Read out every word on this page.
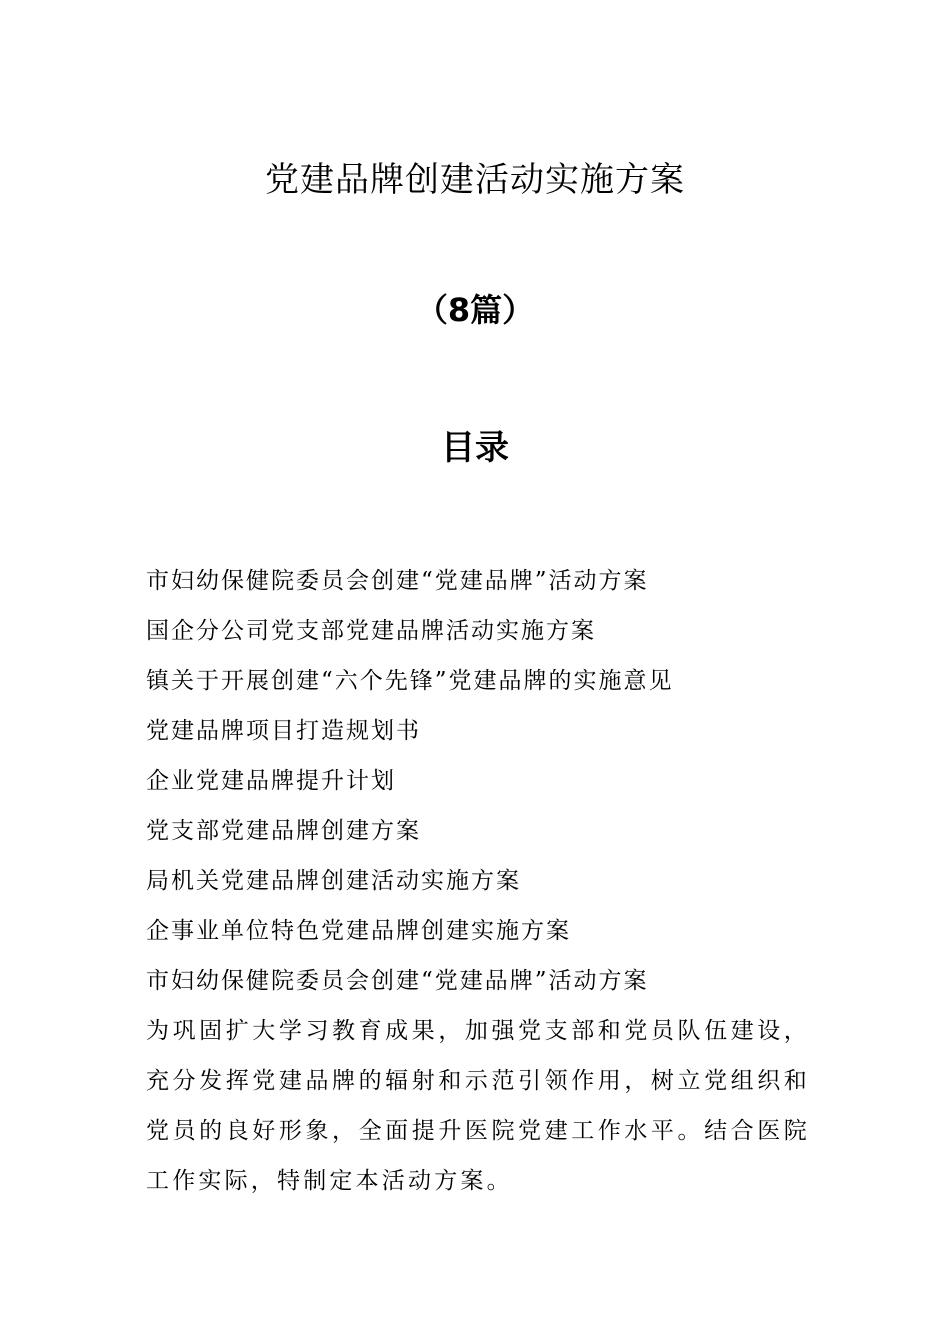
党建品牌创建活动实施方案
（8篇）
目录
市妇幼保健院委员会创建“党建品牌”活动方案
国企分公司党支部党建品牌活动实施方案
镇关于开展创建“六个先锋”党建品牌的实施意见
党建品牌项目打造规划书
企业党建品牌提升计划
党支部党建品牌创建方案
局机关党建品牌创建活动实施方案
企事业单位特色党建品牌创建实施方案
市妇幼保健院委员会创建“党建品牌”活动方案

为巩固扩大学习教育成果，加强党支部和党员队伍建设，充分发挥党建品牌的辐射和示范引领作用，树立党组织和党员的良好形象，全面提升医院党建工作水平。结合医院工作实际，特制定本活动方案。
